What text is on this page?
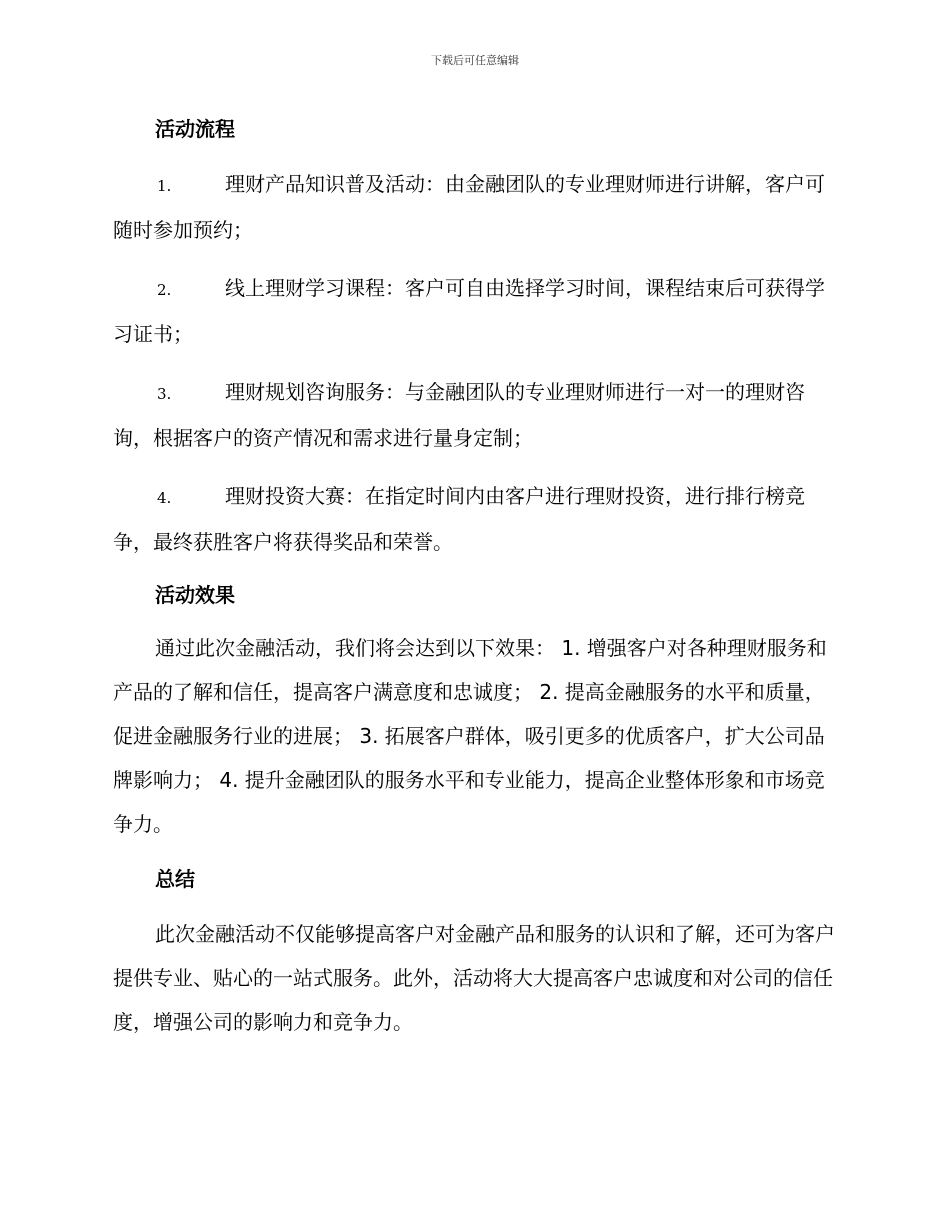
下载后可任意编辑
活动流程

1.	理财产品知识普及活动：由金融团队的专业理财师进行讲解，客户可随时参加预约；

2.	线上理财学习课程：客户可自由选择学习时间，课程结束后可获得学习证书；

3.	理财规划咨询服务：与金融团队的专业理财师进行一对一的理财咨询，根据客户的资产情况和需求进行量身定制；

4.	理财投资大赛：在指定时间内由客户进行理财投资，进行排行榜竞争，最终获胜客户将获得奖品和荣誉。

活动效果

通过此次金融活动，我们将会达到以下效果： 1. 增强客户对各种理财服务和产品的了解和信任，提高客户满意度和忠诚度； 2. 提高金融服务的水平和质量，促进金融服务行业的进展； 3. 拓展客户群体，吸引更多的优质客户，扩大公司品牌影响力； 4. 提升金融团队的服务水平和专业能力，提高企业整体形象和市场竞争力。

总结

此次金融活动不仅能够提高客户对金融产品和服务的认识和了解，还可为客户提供专业、贴心的一站式服务。此外，活动将大大提高客户忠诚度和对公司的信任度，增强公司的影响力和竞争力。
